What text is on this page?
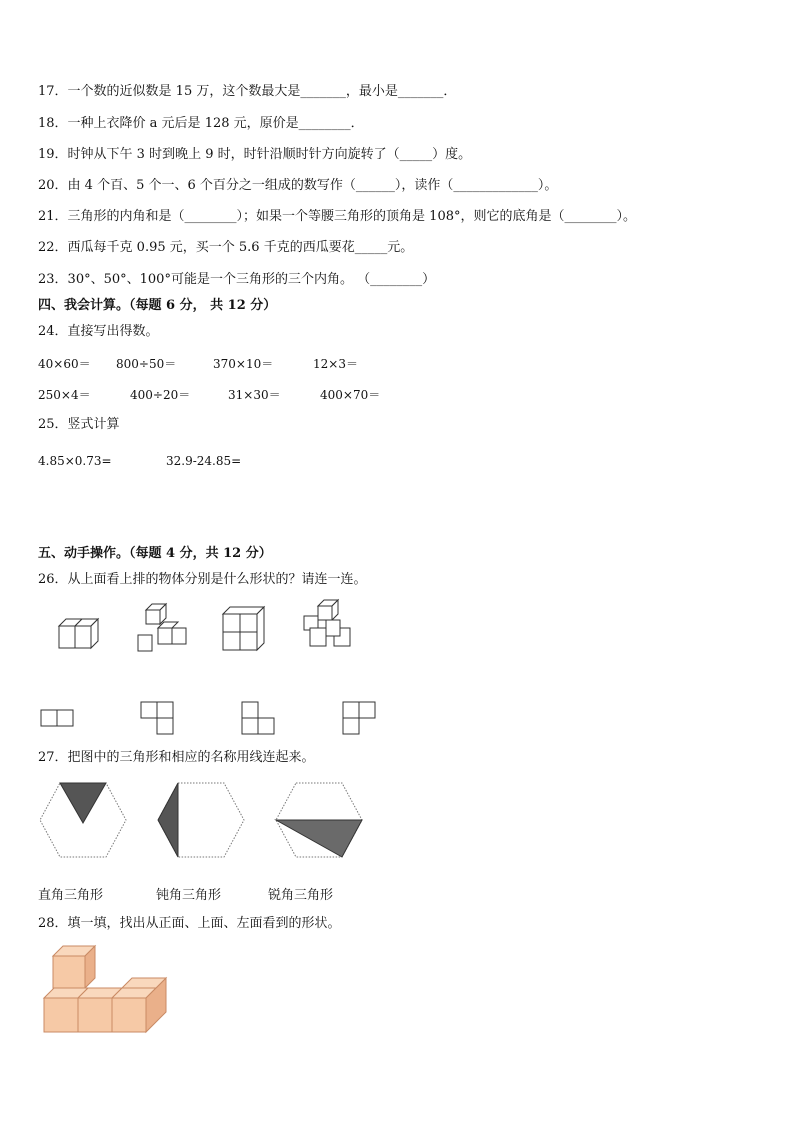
17．一个数的近似数是 15 万，这个数最大是_______，最小是_______．
18．一种上衣降价 a 元后是 128 元，原价是________．
19．时钟从下午 3 时到晚上 9 时，时针沿顺时针方向旋转了（_____）度。
20．由 4 个百、5 个一、6 个百分之一组成的数写作（______），读作（_____________）。
21．三角形的内角和是（________）；如果一个等腰三角形的顶角是 108°，则它的底角是（________）。
22．西瓜每千克 0.95 元，买一个 5.6 千克的西瓜要花_____元。
23．30°、50°、100°可能是一个三角形的三个内角。 （________）
四、我会计算。（每题 6 分， 共 12 分）
24．直接写出得数。
40×60＝ 800÷50＝	370×10＝	12×3＝
250×4＝	400÷20＝	31×30＝	400×70＝
25．竖式计算
4.85×0.73=	32.9-24.85=
五、动手操作。（每题 4 分，共 12 分）
26．从上面看上排的物体分别是什么形状的？请连一连。
27．把图中的三角形和相应的名称用线连起来。
直角三角形	钝角三角形	锐角三角形
28．填一填，找出从正面、上面、左面看到的形状。
